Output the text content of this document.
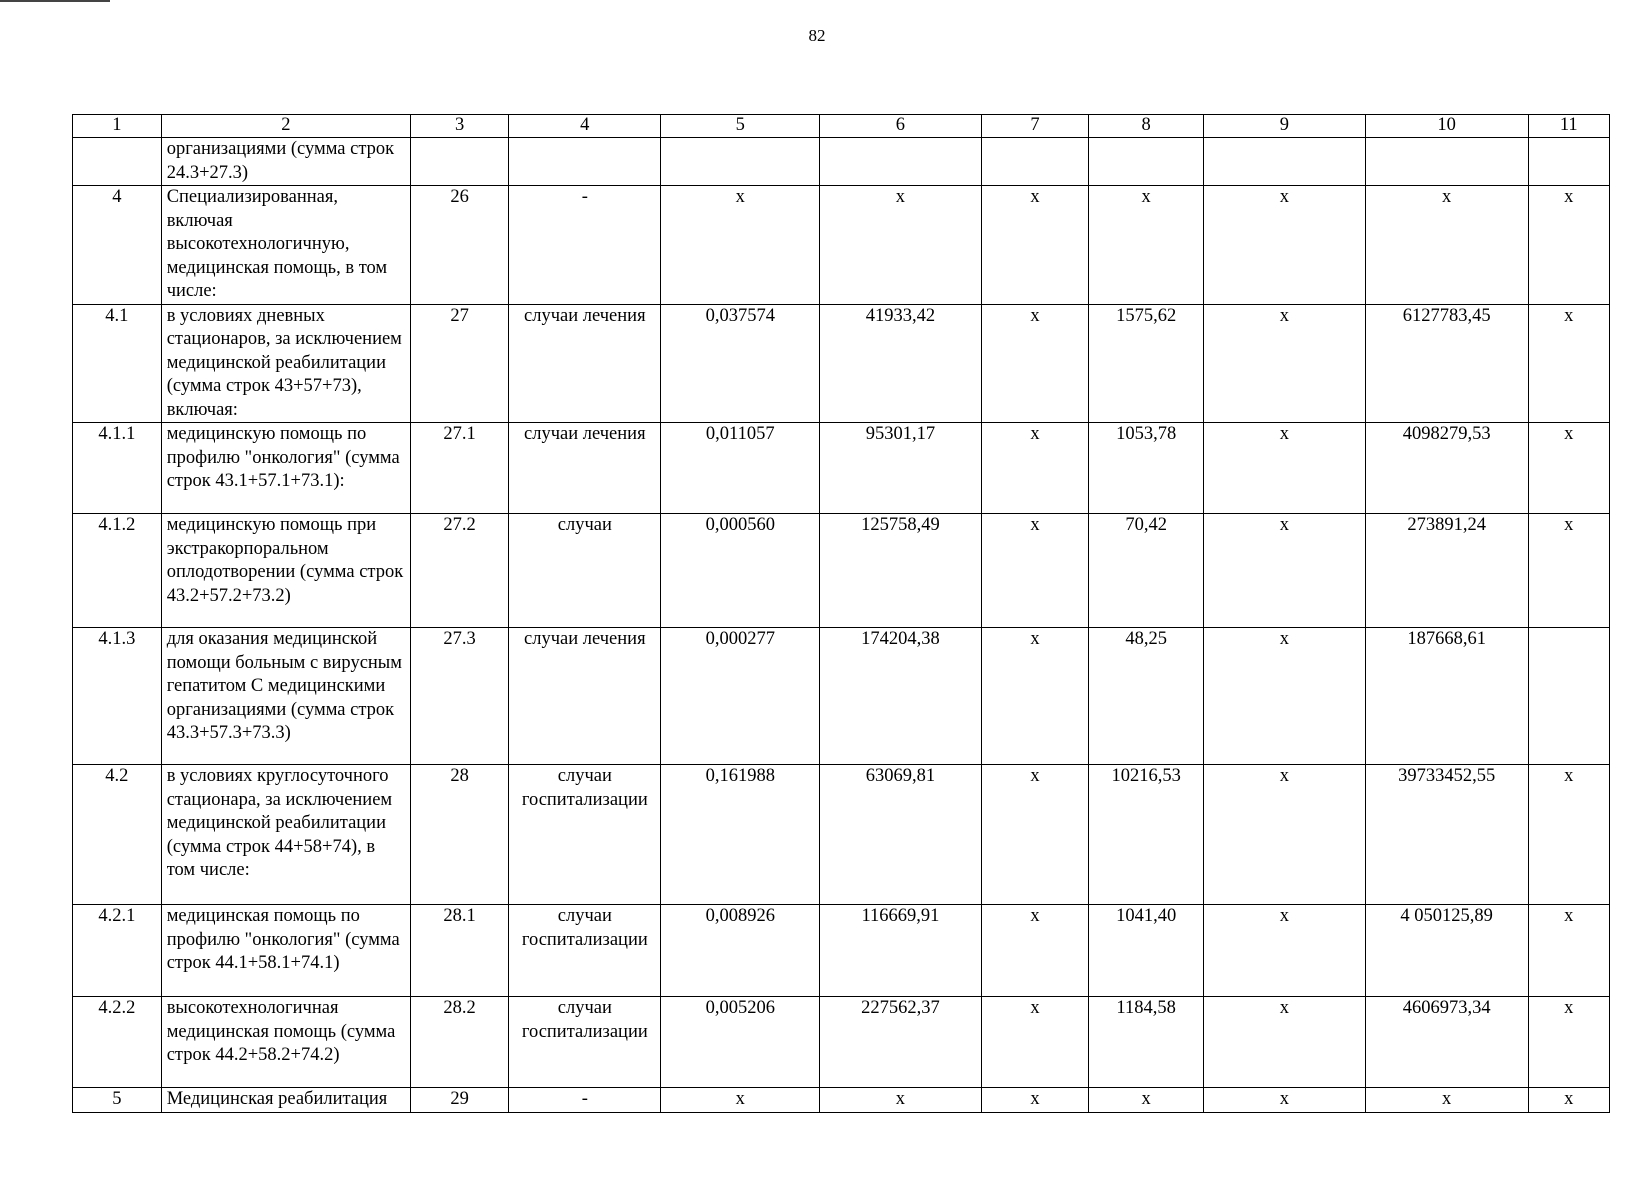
82
1	2	3	4	5	6	7	8	9	10	11
	организациями (сумма строк 24.3+27.3)									
4	Специализированная, включая высокотехнологичную, медицинская помощь, в том числе:	26	-	х	х	х	х	х	х	х
4.1	в условиях дневных стационаров, за исключением медицинской реабилитации (сумма строк 43+57+73), включая:	27	случаи лечения	0,037574	41933,42	х	1575,62	х	6127783,45	х
4.1.1	медицинскую помощь по профилю "онкология" (сумма строк 43.1+57.1+73.1):	27.1	случаи лечения	0,011057	95301,17	х	1053,78	х	4098279,53	х
4.1.2	медицинскую помощь при экстракорпоральном оплодотворении (сумма строк 43.2+57.2+73.2)	27.2	случаи	0,000560	125758,49	х	70,42	х	273891,24	х
4.1.3	для оказания медицинской помощи больным с вирусным гепатитом С медицинскими организациями (сумма строк 43.3+57.3+73.3)	27.3	случаи лечения	0,000277	174204,38	х	48,25	х	187668,61	
4.2	в условиях круглосуточного стационара, за исключением медицинской реабилитации (сумма строк 44+58+74), в том числе:	28	случаи госпитализации	0,161988	63069,81	х	10216,53	х	39733452,55	х
4.2.1	медицинская помощь по профилю "онкология" (сумма строк 44.1+58.1+74.1)	28.1	случаи госпитализации	0,008926	116669,91	х	1041,40	х	4 050125,89	х
4.2.2	высокотехнологичная медицинская помощь (сумма строк 44.2+58.2+74.2)	28.2	случаи госпитализации	0,005206	227562,37	х	1184,58	х	4606973,34	х
5	Медицинская реабилитация	29	-	х	х	х	х	х	х	х
